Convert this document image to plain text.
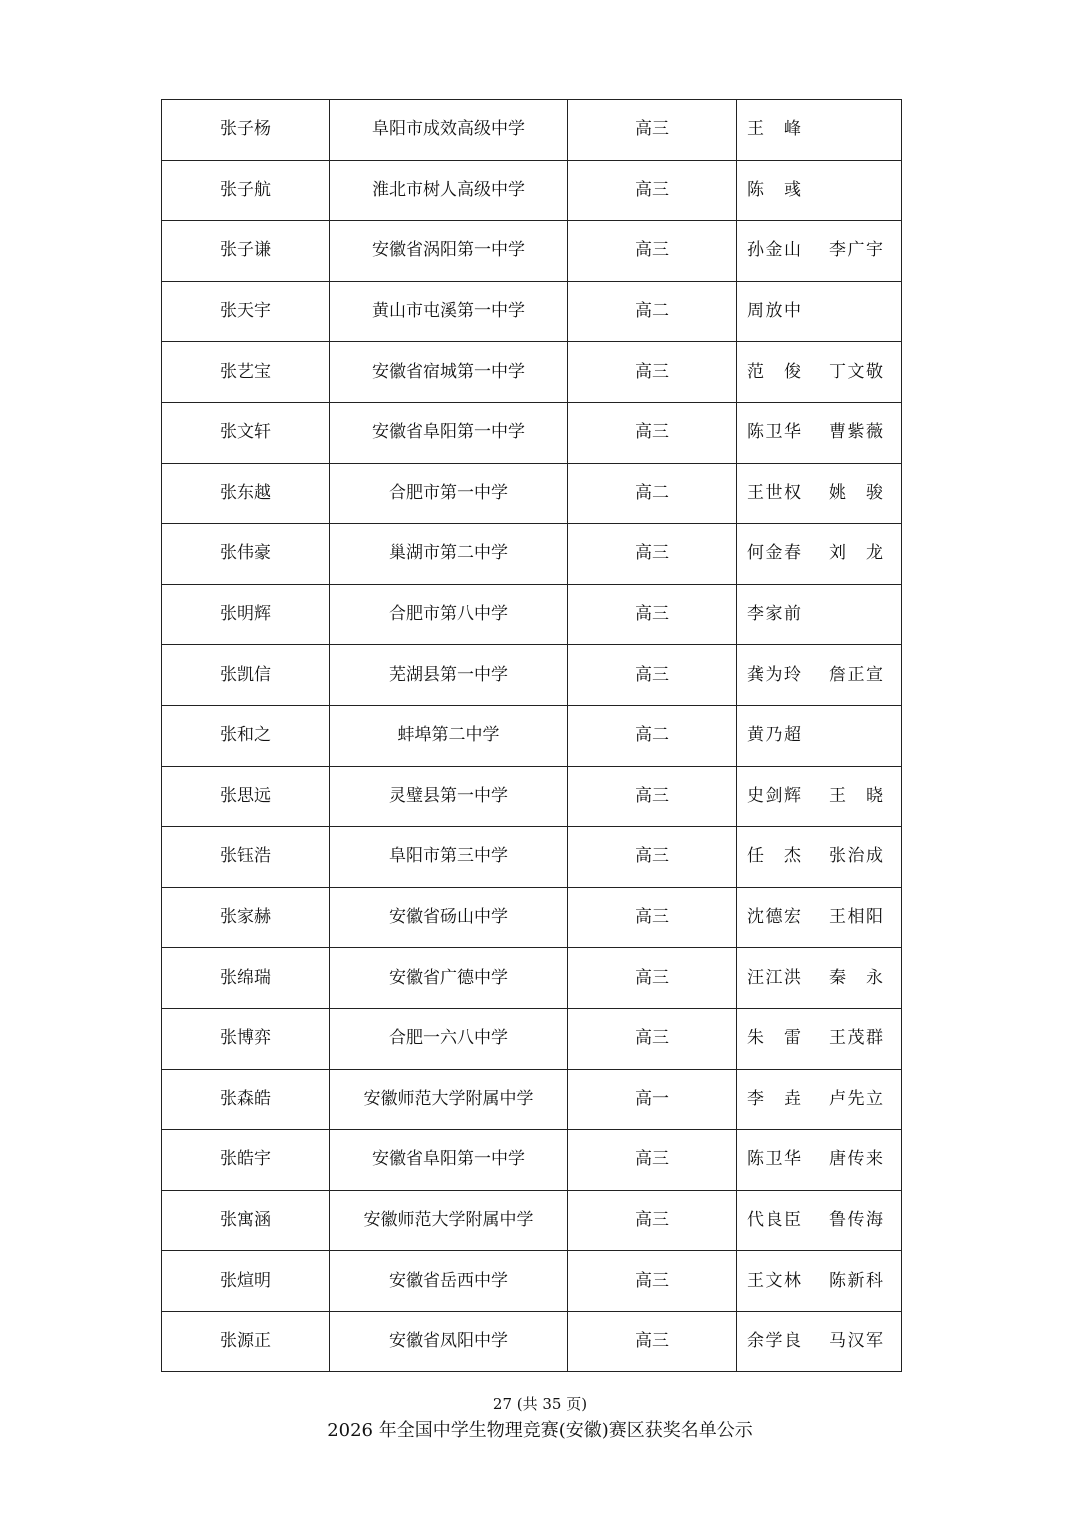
张子杨	阜阳市成效高级中学	高三	王　峰

张子航	淮北市树人高级中学	高三	陈　彧

张子谦	安徽省涡阳第一中学	高三	孙金山 李广宇

张天宇	黄山市屯溪第一中学	高二	周放中

张艺宝	安徽省宿城第一中学	高三	范　俊 丁文敬

张文轩	安徽省阜阳第一中学	高三	陈卫华 曹紫薇

张东越	合肥市第一中学	高二	王世权 姚　骏

张伟豪	巢湖市第二中学	高三	何金春 刘　龙

张明辉	合肥市第八中学	高三	李家前

张凯信	芜湖县第一中学	高三	龚为玲 詹正宣

张和之	蚌埠第二中学	高二	黄乃超

张思远	灵璧县第一中学	高三	史剑辉 王　晓

张钰浩	阜阳市第三中学	高三	任　杰 张治成

张家赫	安徽省砀山中学	高三	沈德宏 王相阳

张绵瑞	安徽省广德中学	高三	汪江洪 秦　永

张博弈	合肥一六八中学	高三	朱　雷 王茂群

张森皓	安徽师范大学附属中学	高一	李　垚 卢先立

张皓宇	安徽省阜阳第一中学	高三	陈卫华 唐传来

张寓涵	安徽师范大学附属中学	高三	代良臣 鲁传海

张煊明	安徽省岳西中学	高三	王文林 陈新科

张源正	安徽省凤阳中学	高三	余学良 马汉军
27 (共 35 页)
2026 年全国中学生物理竞赛(安徽)赛区获奖名单公示
